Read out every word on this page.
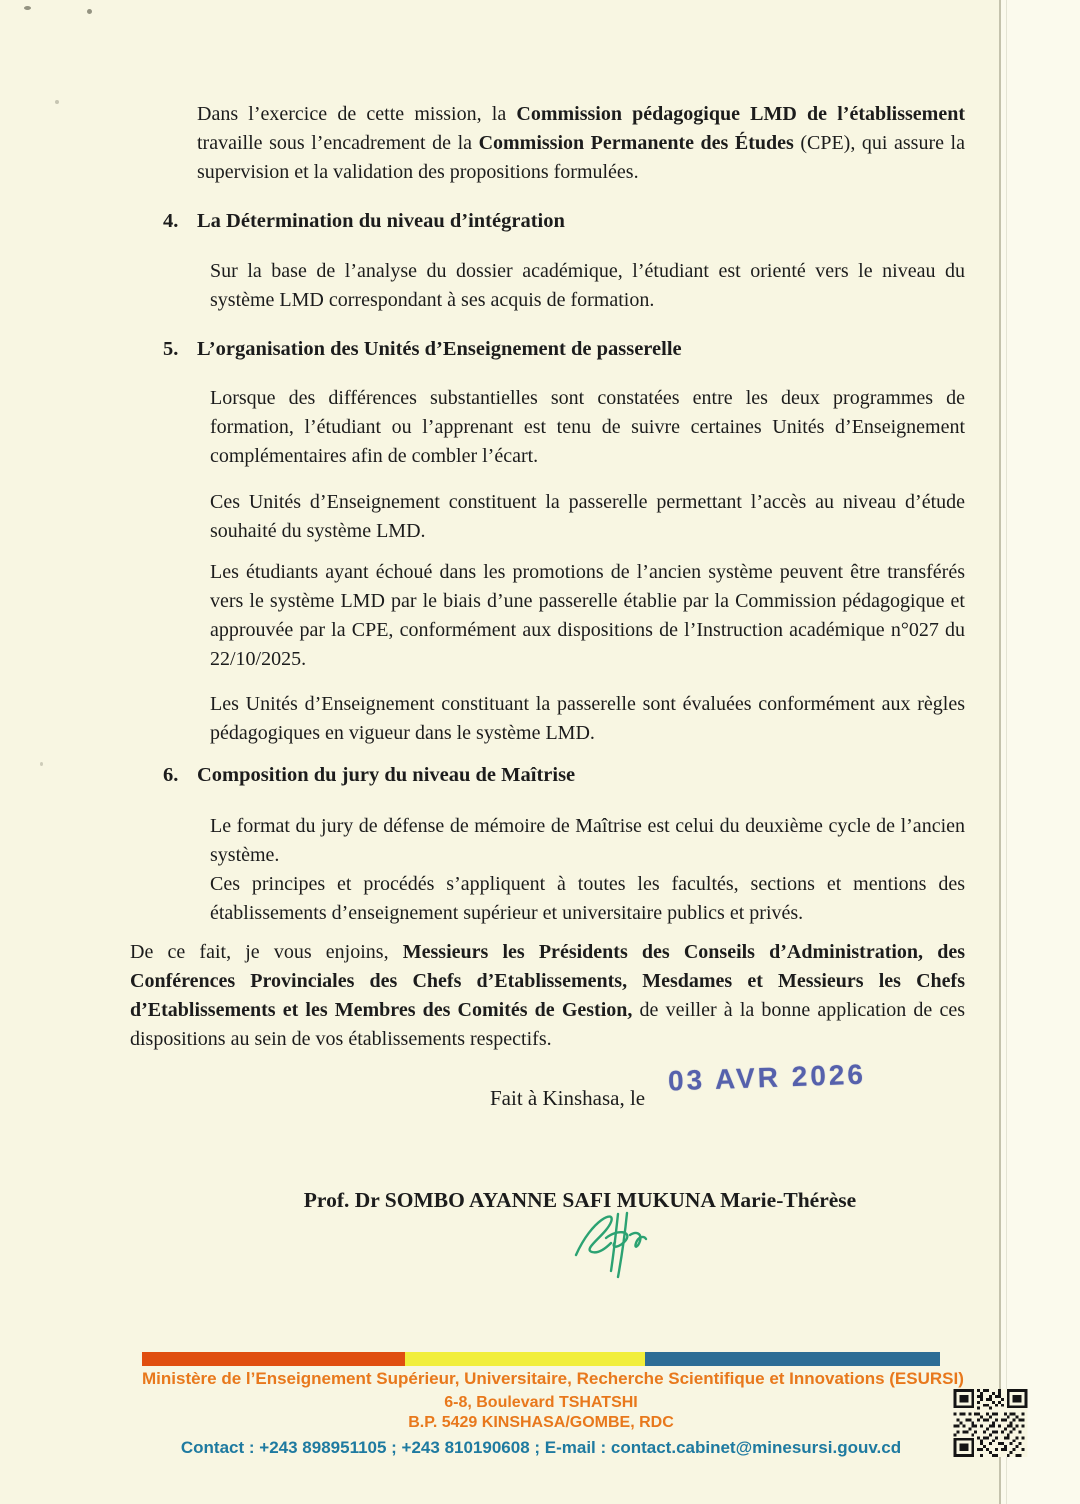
Dans l’exercice de cette mission, la Commission pédagogique LMD de l’établissement travaille sous l’encadrement de la Commission Permanente des Études (CPE), qui assure la supervision et la validation des propositions formulées.

4. La Détermination du niveau d’intégration

Sur la base de l’analyse du dossier académique, l’étudiant est orienté vers le niveau du système LMD correspondant à ses acquis de formation.

5. L’organisation des Unités d’Enseignement de passerelle

Lorsque des différences substantielles sont constatées entre les deux programmes de formation, l’étudiant ou l’apprenant est tenu de suivre certaines Unités d’Enseignement complémentaires afin de combler l’écart.

Ces Unités d’Enseignement constituent la passerelle permettant l’accès au niveau d’étude souhaité du système LMD.

Les étudiants ayant échoué dans les promotions de l’ancien système peuvent être transférés vers le système LMD par le biais d’une passerelle établie par la Commission pédagogique et approuvée par la CPE, conformément aux dispositions de l’Instruction académique n°027 du 22/10/2025.

Les Unités d’Enseignement constituant la passerelle sont évaluées conformément aux règles pédagogiques en vigueur dans le système LMD.

6. Composition du jury du niveau de Maîtrise

Le format du jury de défense de mémoire de Maîtrise est celui du deuxième cycle de l’ancien système.

Ces principes et procédés s’appliquent à toutes les facultés, sections et mentions des établissements d’enseignement supérieur et universitaire publics et privés.

De ce fait, je vous enjoins, Messieurs les Présidents des Conseils d’Administration, des Conférences Provinciales des Chefs d’Etablissements, Mesdames et Messieurs les Chefs d’Etablissements et les Membres des Comités de Gestion, de veiller à la bonne application de ces dispositions au sein de vos établissements respectifs.

Fait à Kinshasa, le
03 AVR 2026
Prof. Dr SOMBO AYANNE SAFI MUKUNA Marie-Thérèse
Ministère de l’Enseignement Supérieur, Universitaire, Recherche Scientifique et Innovations (ESURSI)
6-8, Boulevard TSHATSHI
B.P. 5429 KINSHASA/GOMBE, RDC
Contact : +243 898951105 ; +243 810190608 ; E-mail : contact.cabinet@minesursi.gouv.cd
